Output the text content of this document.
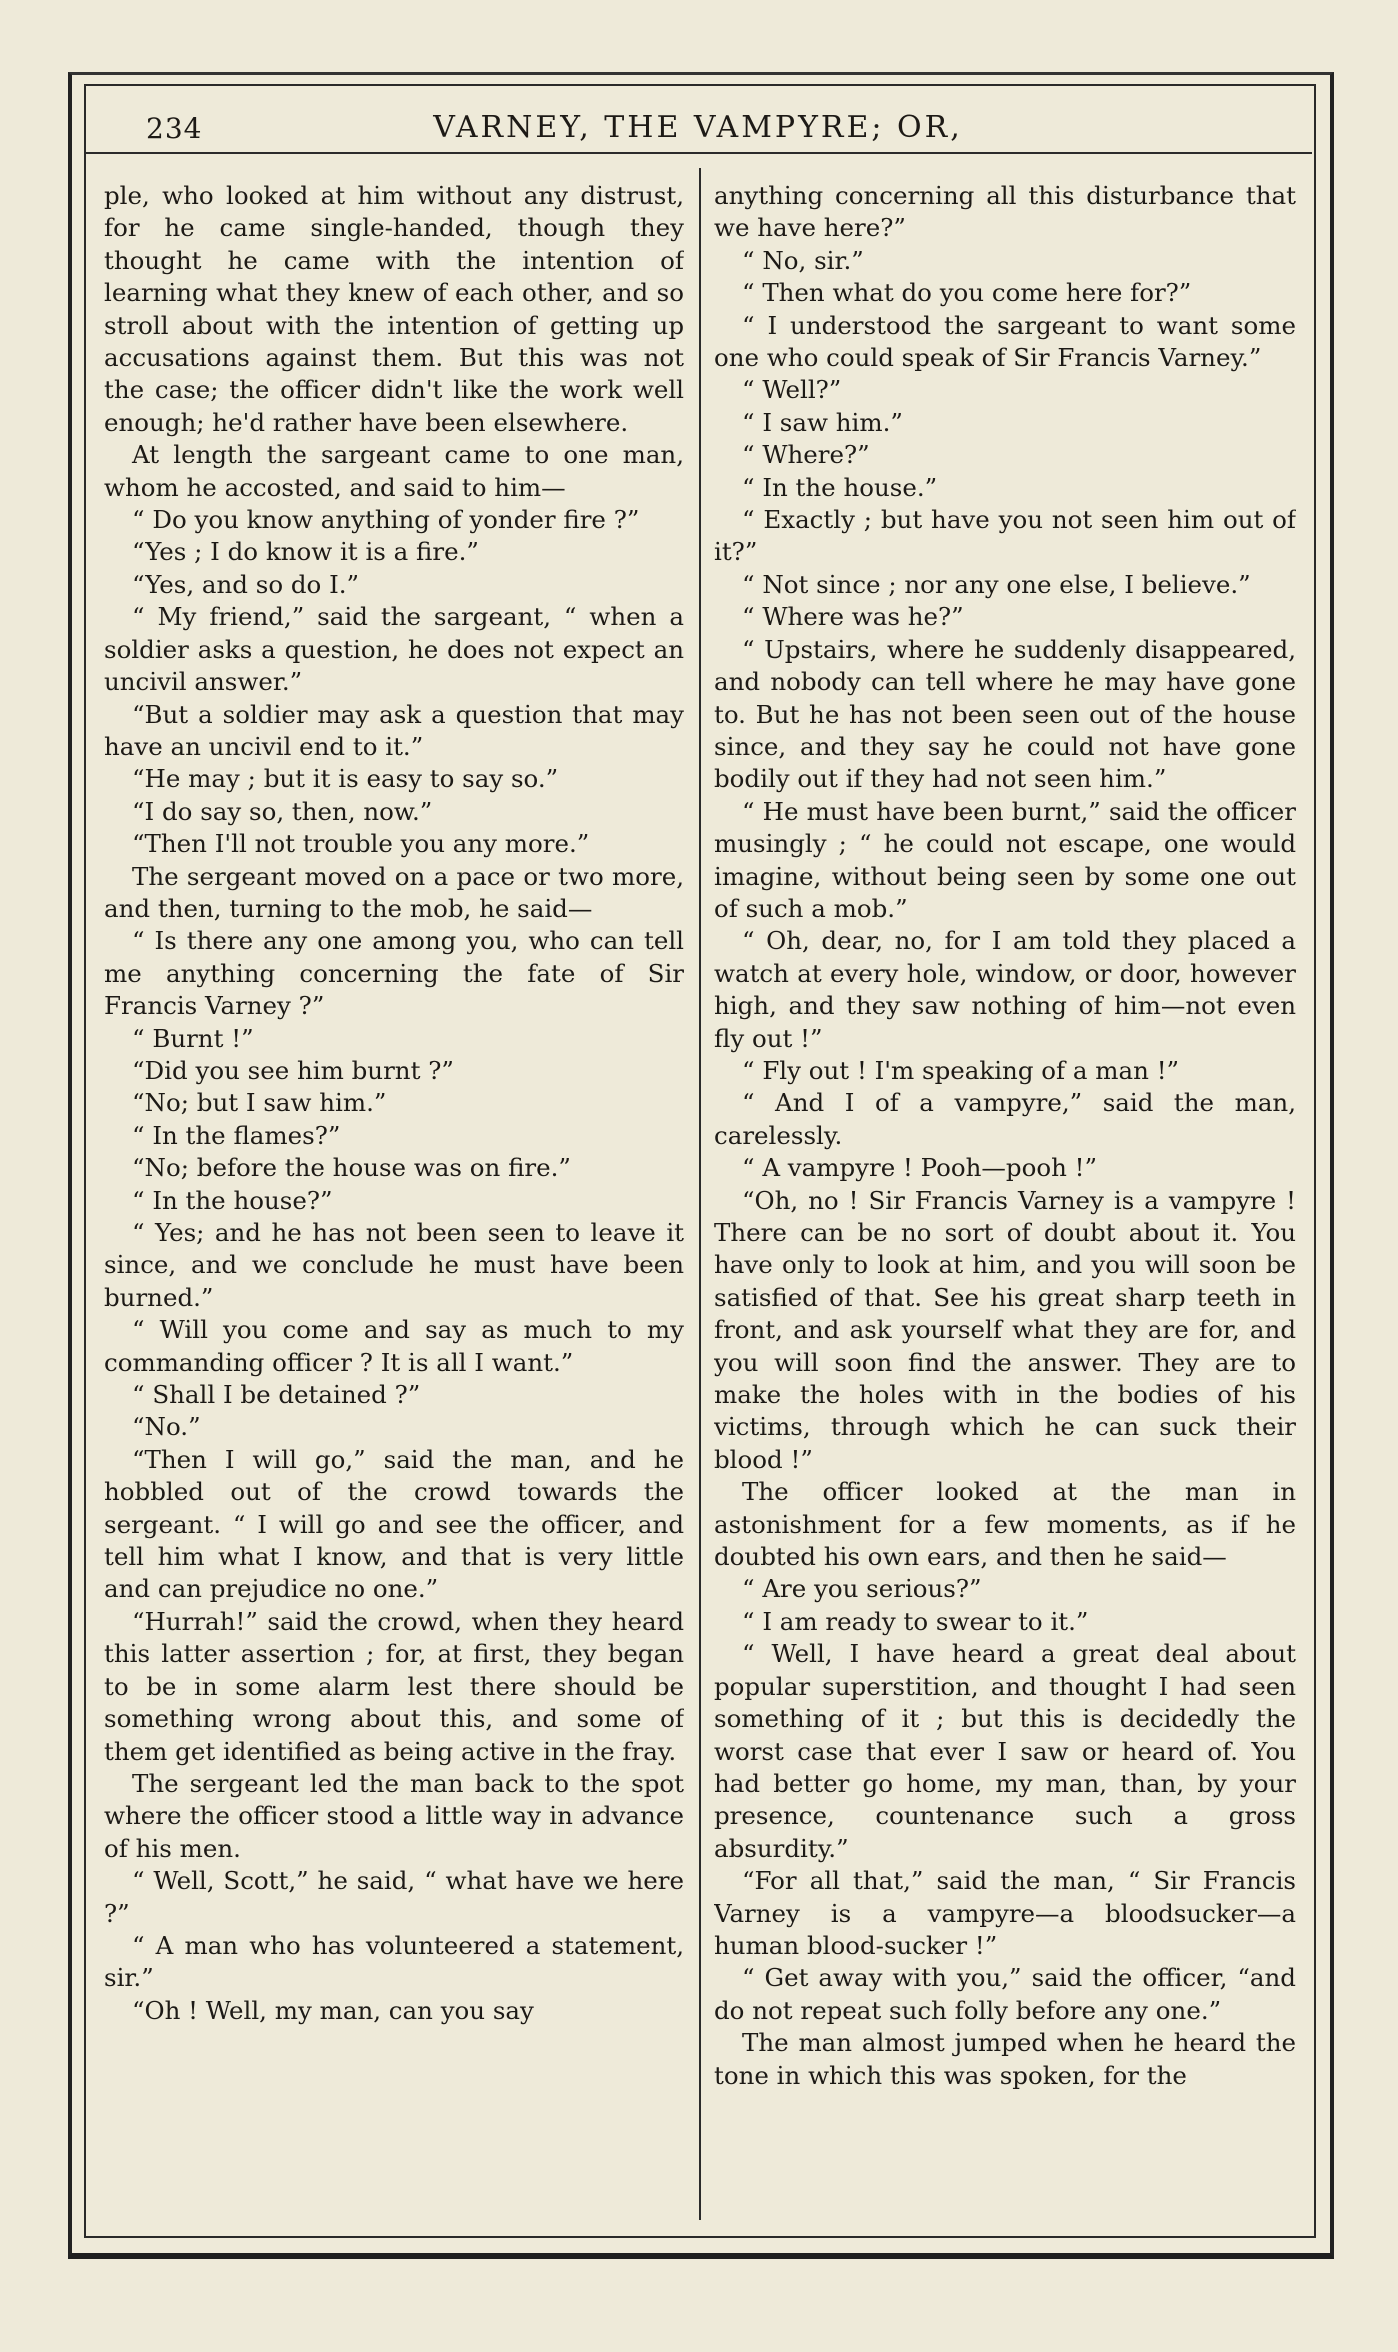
234	VARNEY, THE VAMPYRE; OR,

ple, who looked at him without any distrust, for he came single-handed, though they thought he came with the intention of learning what they knew of each other, and so stroll about with the intention of getting up accusations against them. But this was not the case; the officer didn't like the work well enough; he'd rather have been elsewhere.

At length the sargeant came to one man, whom he accosted, and said to him—

“ Do you know anything of yonder fire ?”

“Yes ; I do know it is a fire.”

“Yes, and so do I.”

“ My friend,” said the sargeant, “ when a soldier asks a question, he does not expect an uncivil answer.”

“But a soldier may ask a question that may have an uncivil end to it.”

“He may ; but it is easy to say so.”

“I do say so, then, now.”

“Then I'll not trouble you any more.”

The sergeant moved on a pace or two more, and then, turning to the mob, he said—

“ Is there any one among you, who can tell me anything concerning the fate of Sir Francis Varney ?”

“ Burnt !”

“Did you see him burnt ?”

“No; but I saw him.”

“ In the flames?”

“No; before the house was on fire.”

“ In the house?”

“ Yes; and he has not been seen to leave it since, and we conclude he must have been burned.”

“ Will you come and say as much to my commanding officer ? It is all I want.”

“ Shall I be detained ?”

“No.”

“Then I will go,” said the man, and he hobbled out of the crowd towards the sergeant. “ I will go and see the officer, and tell him what I know, and that is very little and can prejudice no one.”

“Hurrah!” said the crowd, when they heard this latter assertion ; for, at first, they began to be in some alarm lest there should be something wrong about this, and some of them get identified as being active in the fray.

The sergeant led the man back to the spot where the officer stood a little way in advance of his men.

“ Well, Scott,” he said, “ what have we here ?”

“ A man who has volunteered a statement, sir.”

“Oh ! Well, my man, can you say

anything concerning all this disturbance that we have here?”

“ No, sir.”

“ Then what do you come here for?”

“ I understood the sargeant to want some one who could speak of Sir Francis Varney.”

“ Well?”

“ I saw him.”

“ Where?”

“ In the house.”

“ Exactly ; but have you not seen him out of it?”

“ Not since ; nor any one else, I believe.”

“ Where was he?”

“ Upstairs, where he suddenly disappeared, and nobody can tell where he may have gone to. But he has not been seen out of the house since, and they say he could not have gone bodily out if they had not seen him.”

“ He must have been burnt,” said the officer musingly ; “ he could not escape, one would imagine, without being seen by some one out of such a mob.”

“ Oh, dear, no, for I am told they placed a watch at every hole, window, or door, however high, and they saw nothing of him—not even fly out !”

“ Fly out ! I'm speaking of a man !”

“ And I of a vampyre,” said the man, carelessly.

“ A vampyre ! Pooh—pooh !”

“Oh, no ! Sir Francis Varney is a vampyre ! There can be no sort of doubt about it. You have only to look at him, and you will soon be satisfied of that. See his great sharp teeth in front, and ask yourself what they are for, and you will soon find the answer. They are to make the holes with in the bodies of his victims, through which he can suck their blood !”

The officer looked at the man in astonishment for a few moments, as if he doubted his own ears, and then he said—

“ Are you serious?”

“ I am ready to swear to it.”

“ Well, I have heard a great deal about popular superstition, and thought I had seen something of it ; but this is decidedly the worst case that ever I saw or heard of. You had better go home, my man, than, by your presence, countenance such a gross absurdity.”

“For all that,” said the man, “ Sir Francis Varney is a vampyre—a bloodsucker—a human blood-sucker !”

“ Get away with you,” said the officer, “and do not repeat such folly before any one.”

The man almost jumped when he heard the tone in which this was spoken, for the
